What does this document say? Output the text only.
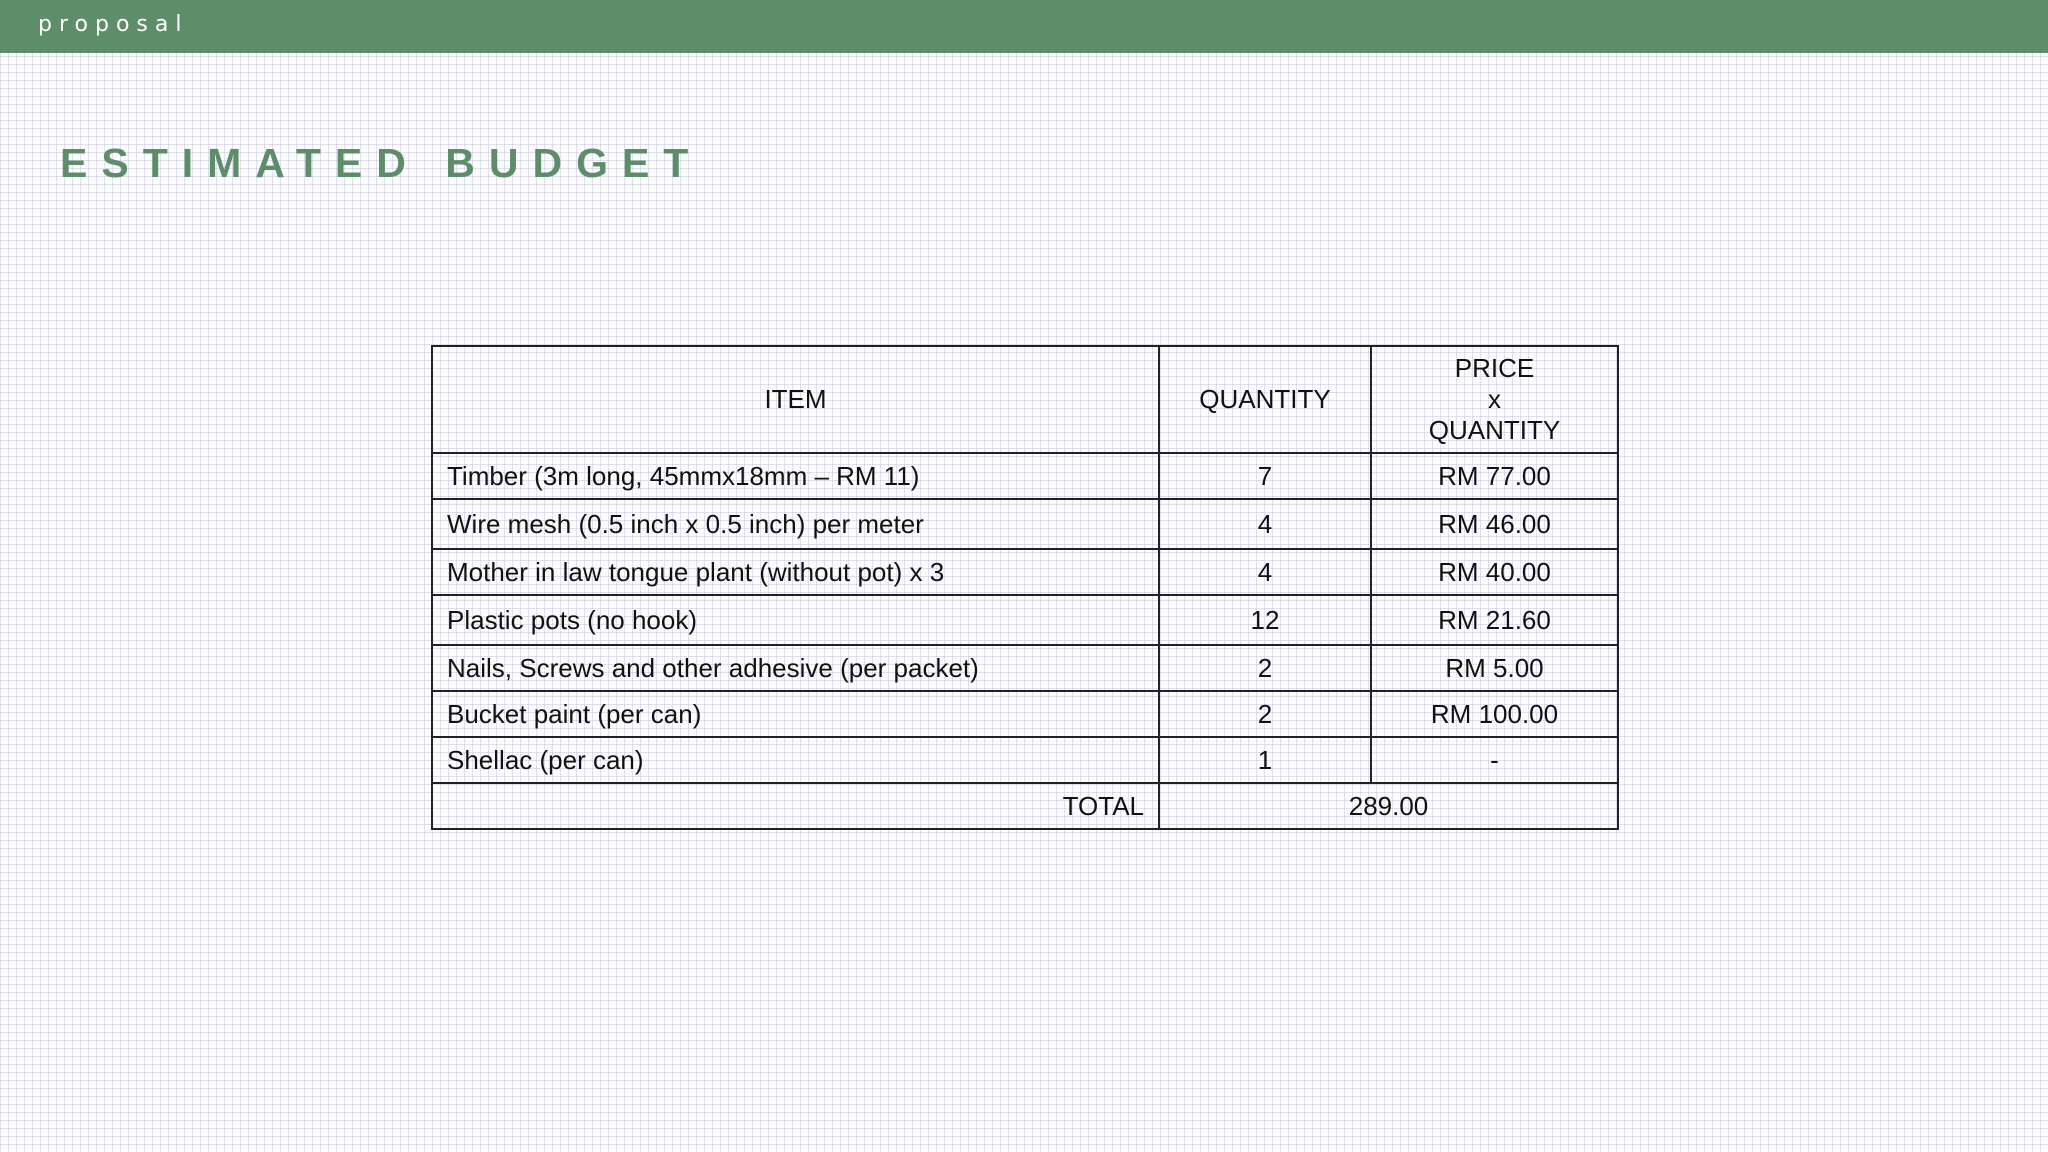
proposal
ESTIMATED BUDGET
ITEM	QUANTITY	PRICE
x
QUANTITY

Timber (3m long, 45mmx18mm – RM 11)	7	RM 77.00
Wire mesh (0.5 inch x 0.5 inch) per meter	4	RM 46.00
Mother in law tongue plant (without pot) x 3	4	RM 40.00
Plastic pots (no hook)	12	RM 21.60
Nails, Screws and other adhesive (per packet)	2	RM 5.00
Bucket paint (per can)	2	RM 100.00
Shellac (per can)	1	-
TOTAL	289.00	
